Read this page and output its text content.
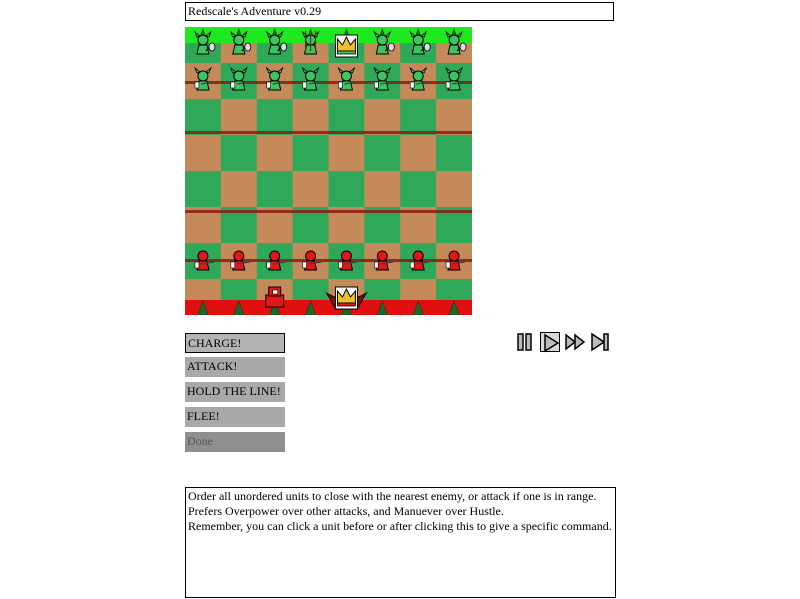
Redscale's Adventure v0.29
CHARGE!
ATTACK!
HOLD THE LINE!
FLEE!
Done
Order all unordered units to close with the nearest enemy, or attack if one is in range.
Prefers Overpower over other attacks, and Manuever over Hustle.
Remember, you can click a unit before or after clicking this to give a specific command.
